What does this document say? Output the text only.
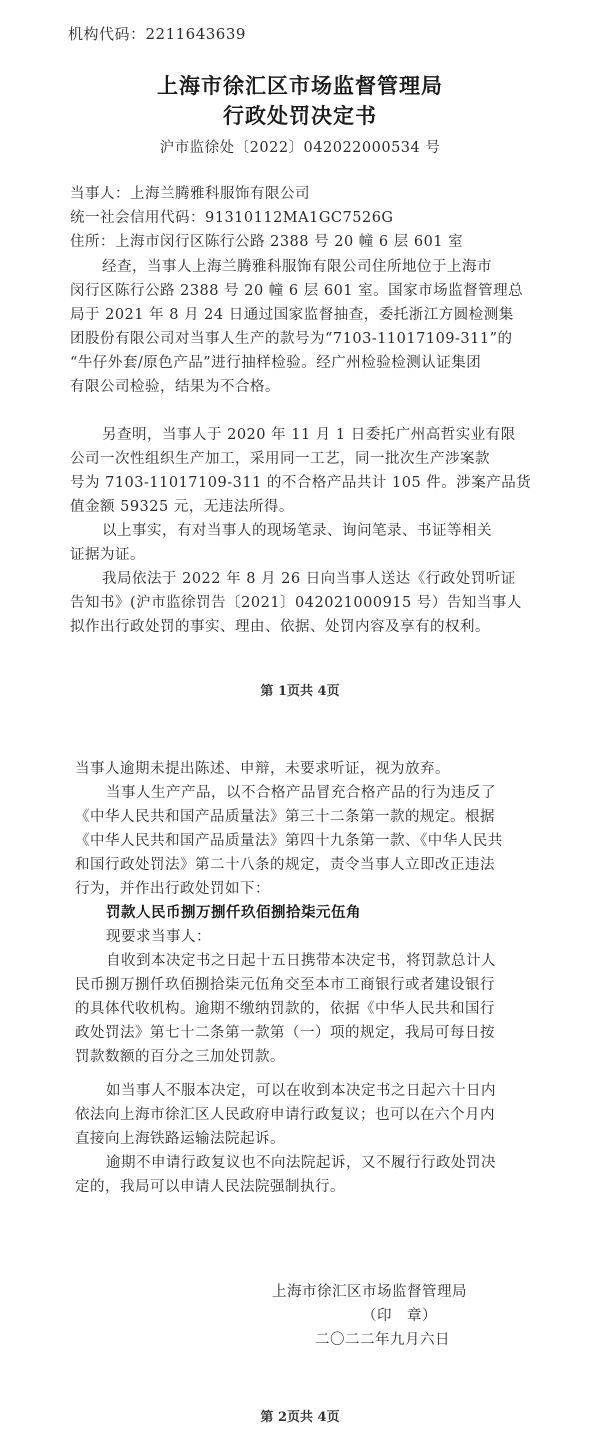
机构代码：2211643639
上海市徐汇区市场监督管理局
行政处罚决定书
沪市监徐处〔2022〕042022000534 号
当事人：上海兰腾雅科服饰有限公司
统一社会信用代码：91310112MA1GC7526G
住所：上海市闵行区陈行公路 2388 号 20 幢 6 层 601 室
经查，当事人上海兰腾雅科服饰有限公司住所地位于上海市
闵行区陈行公路 2388 号 20 幢 6 层 601 室。国家市场监督管理总
局于 2021 年 8 月 24 日通过国家监督抽查，委托浙江方圆检测集
团股份有限公司对当事人生产的款号为“7103-11017109-311”的
“牛仔外套/原色产品”进行抽样检验。经广州检验检测认证集团
有限公司检验，结果为不合格。
另查明，当事人于 2020 年 11 月 1 日委托广州高哲实业有限
公司一次性组织生产加工，采用同一工艺，同一批次生产涉案款
号为 7103-11017109-311 的不合格产品共计 105 件。涉案产品货
值金额 59325 元，无违法所得。
以上事实，有对当事人的现场笔录、询问笔录、书证等相关
证据为证。
我局依法于 2022 年 8 月 26 日向当事人送达《行政处罚听证
告知书》(沪市监徐罚告〔2021〕042021000915 号）告知当事人
拟作出行政处罚的事实、理由、依据、处罚内容及享有的权利。
第 1页共 4页
当事人逾期未提出陈述、申辩，未要求听证，视为放弃。
当事人生产产品，以不合格产品冒充合格产品的行为违反了
《中华人民共和国产品质量法》第三十二条第一款的规定。根据
《中华人民共和国产品质量法》第四十九条第一款、《中华人民共
和国行政处罚法》第二十八条的规定，责令当事人立即改正违法
行为，并作出行政处罚如下：
罚款人民币捌万捌仟玖佰捌拾柒元伍角
现要求当事人：
自收到本决定书之日起十五日携带本决定书，将罚款总计人
民币捌万捌仟玖佰捌拾柒元伍角交至本市工商银行或者建设银行
的具体代收机构。逾期不缴纳罚款的，依据《中华人民共和国行
政处罚法》第七十二条第一款第（一）项的规定，我局可每日按
罚款数额的百分之三加处罚款。
如当事人不服本决定，可以在收到本决定书之日起六十日内
依法向上海市徐汇区人民政府申请行政复议；也可以在六个月内
直接向上海铁路运输法院起诉。
逾期不申请行政复议也不向法院起诉，又不履行行政处罚决
定的，我局可以申请人民法院强制执行。
上海市徐汇区市场监督管理局
（印　章）
二〇二二年九月六日
第 2页共 4页
